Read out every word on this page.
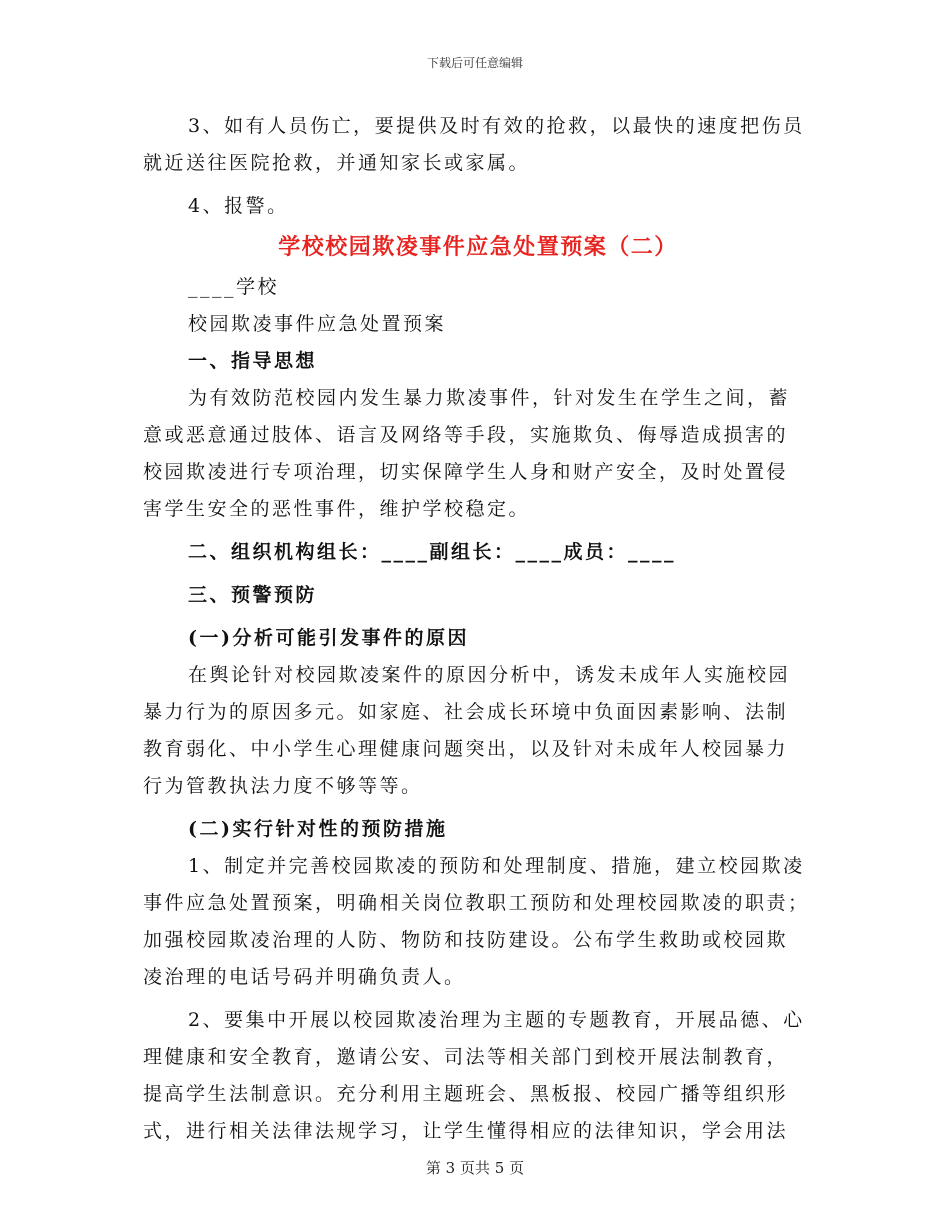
下载后可任意编辑

3、如有人员伤亡，要提供及时有效的抢救，以最快的速度把伤员

就近送往医院抢救，并通知家长或家属。

4、报警。

学校校园欺凌事件应急处置预案（二）

____学校

校园欺凌事件应急处置预案

一、指导思想

为有效防范校园内发生暴力欺凌事件，针对发生在学生之间，蓄

意或恶意通过肢体、语言及网络等手段，实施欺负、侮辱造成损害的

校园欺凌进行专项治理，切实保障学生人身和财产安全，及时处置侵

害学生安全的恶性事件，维护学校稳定。

二、组织机构组长：____副组长：____成员：____

三、预警预防

(一)分析可能引发事件的原因

在舆论针对校园欺凌案件的原因分析中，诱发未成年人实施校园

暴力行为的原因多元。如家庭、社会成长环境中负面因素影响、法制

教育弱化、中小学生心理健康问题突出，以及针对未成年人校园暴力

行为管教执法力度不够等等。

(二)实行针对性的预防措施

1、制定并完善校园欺凌的预防和处理制度、措施，建立校园欺凌

事件应急处置预案，明确相关岗位教职工预防和处理校园欺凌的职责；

加强校园欺凌治理的人防、物防和技防建设。公布学生救助或校园欺

凌治理的电话号码并明确负责人。

2、要集中开展以校园欺凌治理为主题的专题教育，开展品德、心

理健康和安全教育，邀请公安、司法等相关部门到校开展法制教育，

提高学生法制意识。充分利用主题班会、黑板报、校园广播等组织形

式，进行相关法律法规学习，让学生懂得相应的法律知识，学会用法

第 3 页共 5 页
